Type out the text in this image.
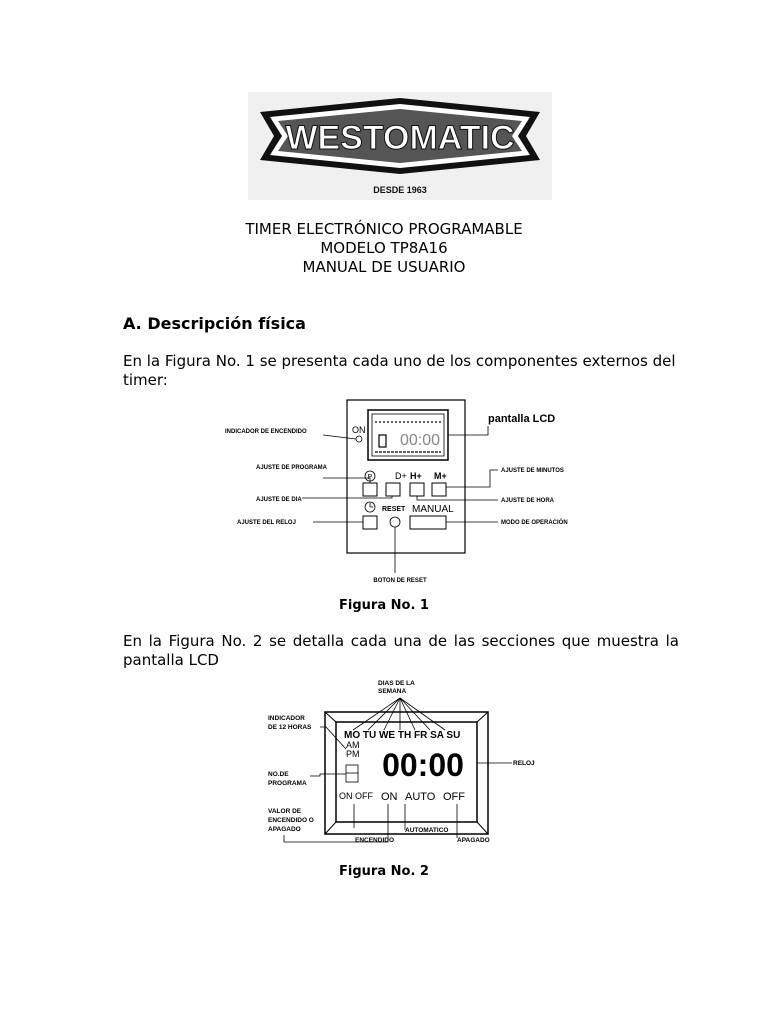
WESTOMATIC
DESDE 1963
TIMER ELECTRÓNICO PROGRAMABLE
MODELO TP8A16
MANUAL DE USUARIO
A. Descripción física
En la Figura No. 1 se presenta cada uno de los componentes externos del timer:
00:00
ON
P	D+ H+ M+
RESET MANUAL
INDICADOR DE ENCENDIDO
AJUSTE DE PROGRAMA
AJUSTE DE DIA
AJUSTE DEL RELOJ
pantalla LCD
AJUSTE DE MINUTOS
AJUSTE DE HORA
MODO DE OPERACIÓN
BOTON DE RESET
Figura No. 1
En la Figura No. 2 se detalla cada una de las secciones que muestra la pantalla LCD
MO TU WE TH FR SA SU
AM
PM 00:00
ON OFF ON AUTO OFF
DIAS DE LA
SEMANA
INDICADOR
DE 12 HORAS
NO.DE
PROGRAMA
VALOR DE
ENCENDIDO O
APAGADO
RELOJ
ENCENDIDO
AUTOMATICO
APAGADO
Figura No. 2
